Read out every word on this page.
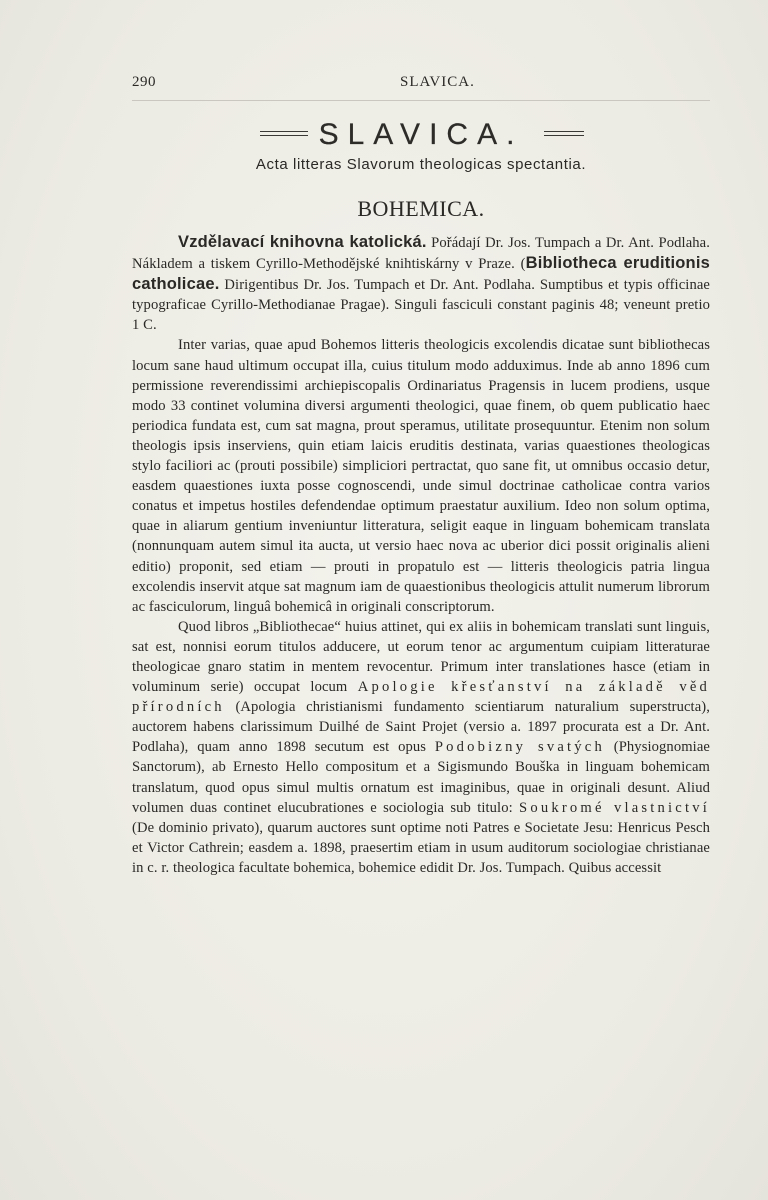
290	SLAVICA.
SLAVICA.
Acta litteras Slavorum theologicas spectantia.
BOHEMICA.

Vzdělavací knihovna katolická. Pořádají Dr. Jos. Tumpach a Dr. Ant. Podlaha. Nákladem a tiskem Cyrillo-Methodějské knihtiskárny v Praze. (Bibliotheca eruditionis catholicae. Dirigentibus Dr. Jos. Tumpach et Dr. Ant. Podlaha. Sumptibus et typis officinae typograficae Cyrillo-Methodianae Pragae). Singuli fasciculi constant paginis 48; veneunt pretio 1 C.

Inter varias, quae apud Bohemos litteris theologicis excolendis dicatae sunt bibliothecas locum sane haud ultimum occupat illa, cuius titulum modo adduximus. Inde ab anno 1896 cum permissione reverendissimi archiepiscopalis Ordinariatus Pragensis in lucem prodiens, usque modo 33 continet volumina diversi argumenti theologici, quae finem, ob quem publicatio haec periodica fundata est, cum sat magna, prout speramus, utilitate prosequuntur. Etenim non solum theologis ipsis inserviens, quin etiam laicis eruditis destinata, varias quaestiones theologicas stylo faciliori ac (prouti possibile) simpliciori pertractat, quo sane fit, ut omnibus occasio detur, easdem quaestiones iuxta posse cognoscendi, unde simul doctrinae catholicae contra varios conatus et impetus hostiles defendendae optimum praestatur auxilium. Ideo non solum optima, quae in aliarum gentium inveniuntur litteratura, seligit eaque in linguam bohemicam translata (nonnunquam autem simul ita aucta, ut versio haec nova ac uberior dici possit originalis alieni editio) proponit, sed etiam — prouti in propatulo est — litteris theologicis patria lingua excolendis inservit atque sat magnum iam de quaestionibus theologicis attulit numerum librorum ac fasciculorum, linguâ bohemicâ in originali conscriptorum.

Quod libros „Bibliothecae“ huius attinet, qui ex aliis in bohemicam translati sunt linguis, sat est, nonnisi eorum titulos adducere, ut eorum tenor ac argumentum cuipiam litteraturae theologicae gnaro statim in mentem revocentur. Primum inter translationes hasce (etiam in voluminum serie) occupat locum Apologie křesťanství na základě věd přírodních (Apologia christianismi fundamento scientiarum naturalium superstructa), auctorem habens clarissimum Duilhé de Saint Projet (versio a. 1897 procurata est a Dr. Ant. Podlaha), quam anno 1898 secutum est opus Podobizny svatých (Physiognomiae Sanctorum), ab Ernesto Hello compositum et a Sigismundo Bouška in linguam bohemicam translatum, quod opus simul multis ornatum est imaginibus, quae in originali desunt. Aliud volumen duas continet elucubrationes e sociologia sub titulo: Soukromé vlastnictví (De dominio privato), quarum auctores sunt optime noti Patres e Societate Jesu: Henricus Pesch et Victor Cathrein; easdem a. 1898, praesertim etiam in usum auditorum sociologiae christianae in c. r. theologica facultate bohemica, bohemice edidit Dr. Jos. Tumpach. Quibus accessit
